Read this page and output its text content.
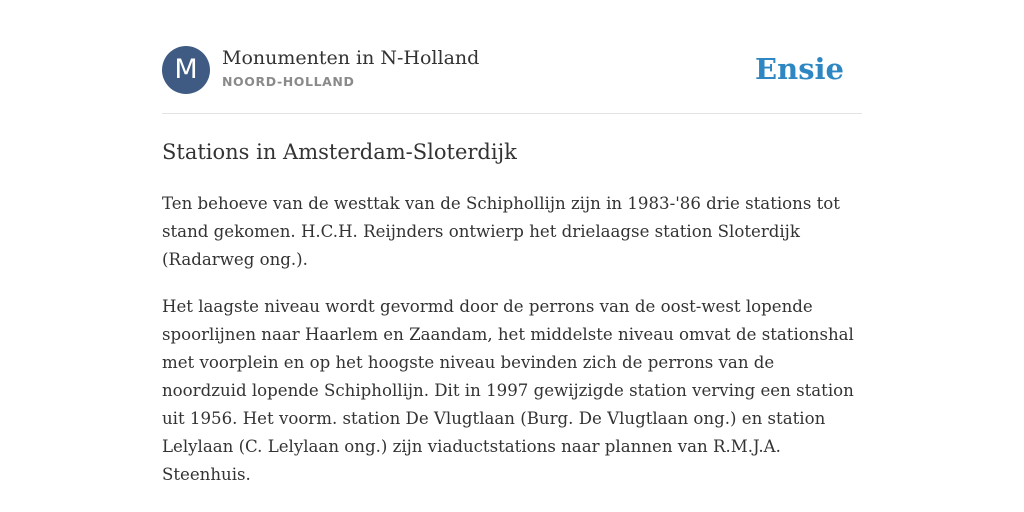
M	Monumenten in N-Holland
NOORD-HOLLAND	Ensie
Stations in Amsterdam-Sloterdijk

Ten behoeve van de westtak van de Schiphollijn zijn in 1983-'86 drie stations tot stand gekomen. H.C.H. Reijnders ontwierp het drielaagse station Sloterdijk (Radarweg ong.).

Het laagste niveau wordt gevormd door de perrons van de oost-west lopende spoorlijnen naar Haarlem en Zaandam, het middelste niveau omvat de stationshal met voorplein en op het hoogste niveau bevinden zich de perrons van de noordzuid lopende Schiphollijn. Dit in 1997 gewijzigde station verving een station uit 1956. Het voorm. station De Vlugtlaan (Burg. De Vlugtlaan ong.) en station Lelylaan (C. Lelylaan ong.) zijn viaductstations naar plannen van R.M.J.A. Steenhuis.
